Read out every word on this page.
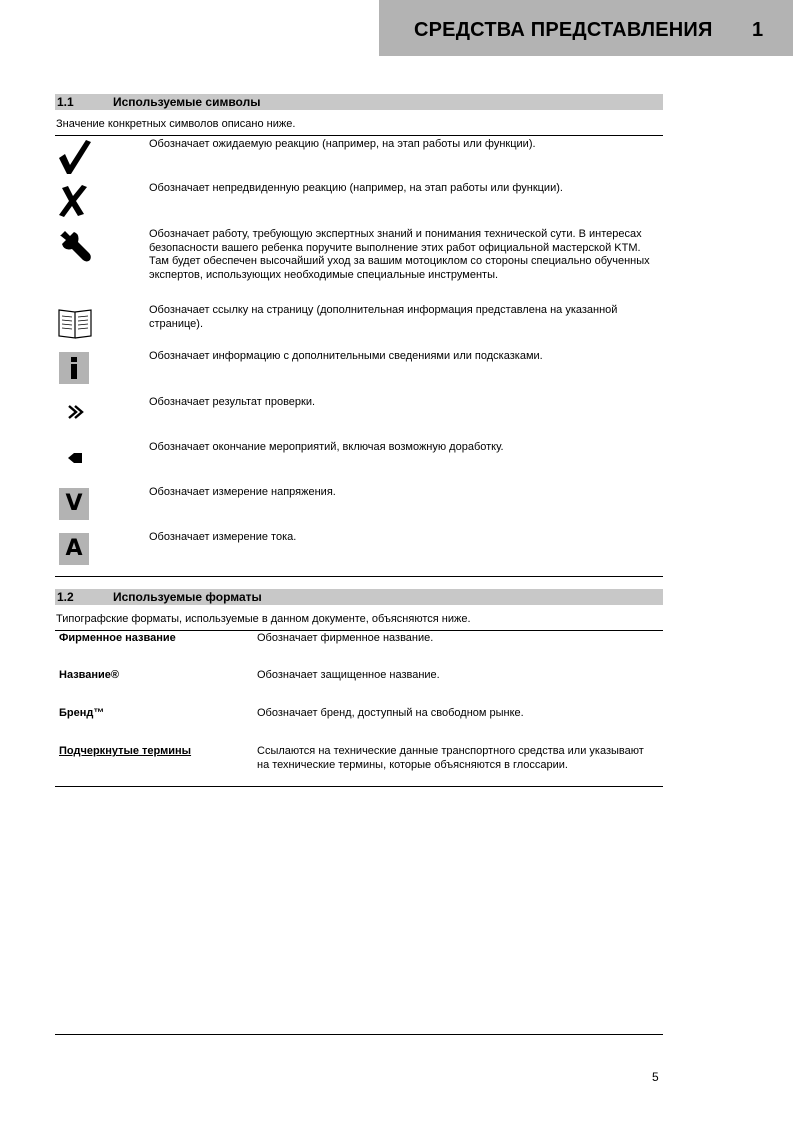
СРЕДСТВА ПРЕДСТАВЛЕНИЯ 1
1.1	Используемые символы
Значение конкретных символов описано ниже.
Обозначает ожидаемую реакцию (например, на этап работы или функции).
Обозначает непредвиденную реакцию (например, на этап работы или функции).
Обозначает работу, требующую экспертных знаний и понимания технической сути. В интересах безопасности вашего ребенка поручите выполнение этих работ официальной мастерской KTM. Там будет обеспечен высочайший уход за вашим мотоциклом со стороны специально обученных экспертов, использующих необходимые специальные инструменты.
Обозначает ссылку на страницу (дополнительная информация представлена на указанной странице).
Обозначает информацию с дополнительными сведениями или подсказками.
Обозначает результат проверки.
Обозначает окончание мероприятий, включая возможную доработку.
V	Обозначает измерение напряжения.
A	Обозначает измерение тока.
1.2	Используемые форматы
Типографские форматы, используемые в данном документе, объясняются ниже.
Фирменное название	Обозначает фирменное название.
Название®	Обозначает защищенное название.
Бренд™	Обозначает бренд, доступный на свободном рынке.
Подчеркнутые термины	Ссылаются на технические данные транспортного средства или указывают на технические термины, которые объясняются в глоссарии.
5
